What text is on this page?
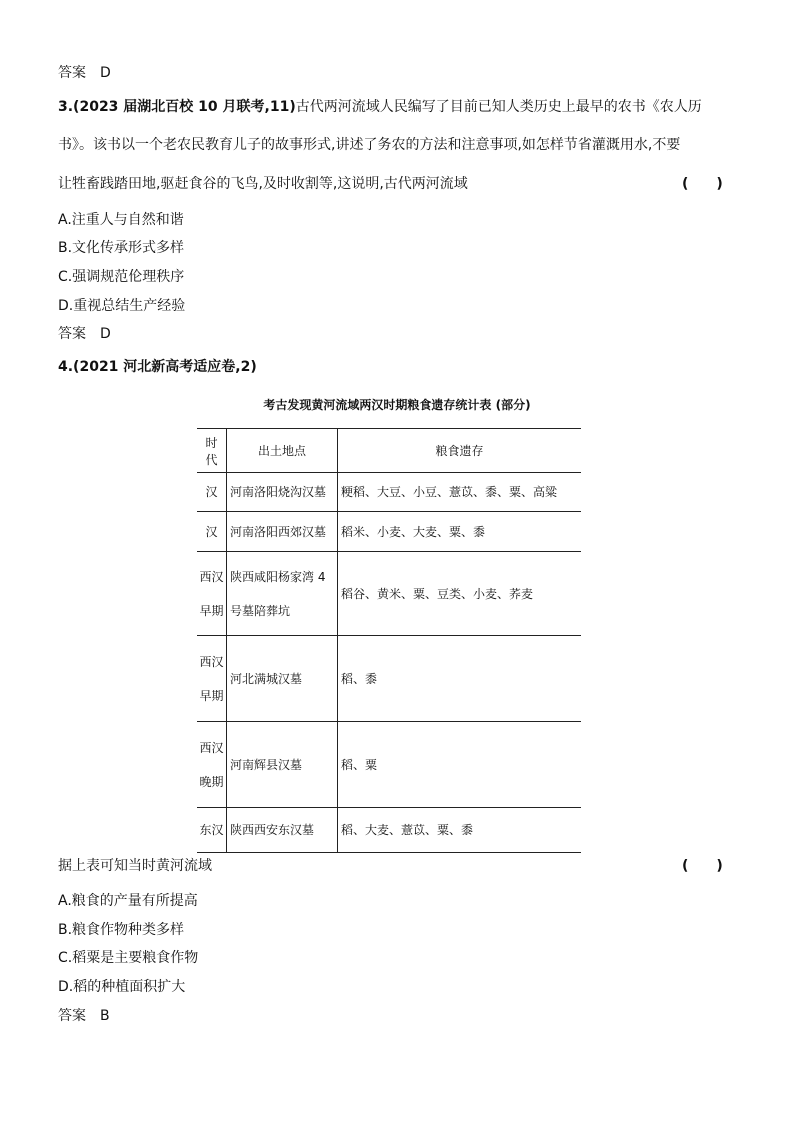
答案　D
3.(2023 届湖北百校 10 月联考,11)古代两河流域人民编写了目前已知人类历史上最早的农书《农人历
书》。该书以一个老农民教育儿子的故事形式,讲述了务农的方法和注意事项,如怎样节省灌溉用水,不要
让牲畜践踏田地,驱赶食谷的飞鸟,及时收割等,这说明,古代两河流域	(　　)
A.注重人与自然和谐
B.文化传承形式多样
C.强调规范伦理秩序
D.重视总结生产经验
答案　D
4.(2021 河北新高考适应卷,2)
考古发现黄河流域两汉时期粮食遗存统计表 (部分)
时代	出土地点	粮食遗存
汉	河南洛阳烧沟汉墓	粳稻、大豆、小豆、薏苡、黍、粟、高粱
汉	河南洛阳西郊汉墓	稻米、小麦、大麦、粟、黍
西汉早期	陕西咸阳杨家湾 4 号墓陪葬坑	稻谷、黄米、粟、豆类、小麦、荞麦
西汉早期	河北满城汉墓	稻、黍
西汉晚期	河南辉县汉墓	稻、粟
东汉	陕西西安东汉墓	稻、大麦、薏苡、粟、黍
据上表可知当时黄河流域	(　　)
A.粮食的产量有所提高
B.粮食作物种类多样
C.稻粟是主要粮食作物
D.稻的种植面积扩大
答案　B
